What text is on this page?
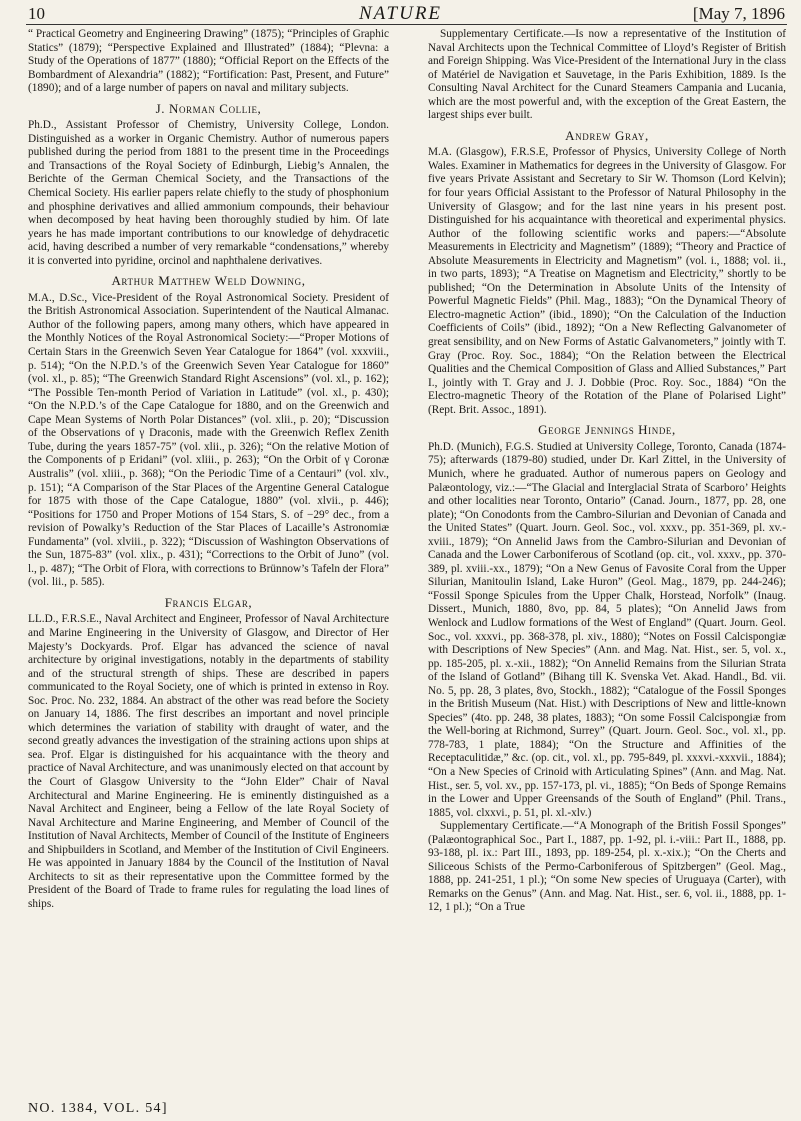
10	NATURE	[May 7, 1896

“ Practical Geometry and Engineering Drawing” (1875); “Principles of Graphic Statics” (1879); “Perspective Explained and Illustrated” (1884); “Plevna: a Study of the Operations of 1877” (1880); “Official Report on the Effects of the Bombardment of Alexandria” (1882); “Fortification: Past, Present, and Future” (1890); and of a large number of papers on naval and military subjects.

J. Norman Collie,

Ph.D., Assistant Professor of Chemistry, University College, London. Distinguished as a worker in Organic Chemistry. Author of numerous papers published during the period from 1881 to the present time in the Proceedings and Transactions of the Royal Society of Edinburgh, Liebig’s Annalen, the Berichte of the German Chemical Society, and the Transactions of the Chemical Society. His earlier papers relate chiefly to the study of phosphonium and phosphine derivatives and allied ammonium compounds, their behaviour when decomposed by heat having been thoroughly studied by him. Of late years he has made important contributions to our knowledge of dehydracetic acid, having described a number of very remarkable “condensations,” whereby it is converted into pyridine, orcinol and naphthalene derivatives.

Arthur Matthew Weld Downing,

M.A., D.Sc., Vice-President of the Royal Astronomical Society. President of the British Astronomical Association. Superintendent of the Nautical Almanac. Author of the following papers, among many others, which have appeared in the Monthly Notices of the Royal Astronomical Society:—“Proper Motions of Certain Stars in the Greenwich Seven Year Catalogue for 1864” (vol. xxxviii., p. 514); “On the N.P.D.’s of the Greenwich Seven Year Catalogue for 1860” (vol. xl., p. 85); “The Greenwich Standard Right Ascensions” (vol. xl., p. 162); “The Possible Ten-month Period of Variation in Latitude” (vol. xl., p. 430); “On the N.P.D.’s of the Cape Catalogue for 1880, and on the Greenwich and Cape Mean Systems of North Polar Distances” (vol. xlii., p. 20); “Discussion of the Observations of γ Draconis, made with the Greenwich Reflex Zenith Tube, during the years 1857-75” (vol. xlii., p. 326); “On the relative Motion of the Components of p Eridani” (vol. xliii., p. 263); “On the Orbit of γ Coronæ Australis” (vol. xliii., p. 368); “On the Periodic Time of a Centauri” (vol. xlv., p. 151); “A Comparison of the Star Places of the Argentine General Catalogue for 1875 with those of the Cape Catalogue, 1880” (vol. xlvii., p. 446); “Positions for 1750 and Proper Motions of 154 Stars, S. of −29° dec., from a revision of Powalky’s Reduction of the Star Places of Lacaille’s Astronomiæ Fundamenta” (vol. xlviii., p. 322); “Discussion of Washington Observations of the Sun, 1875-83” (vol. xlix., p. 431); “Corrections to the Orbit of Juno” (vol. l., p. 487); “The Orbit of Flora, with corrections to Brünnow’s Tafeln der Flora” (vol. lii., p. 585).

Francis Elgar,

LL.D., F.R.S.E., Naval Architect and Engineer, Professor of Naval Architecture and Marine Engineering in the University of Glasgow, and Director of Her Majesty’s Dockyards. Prof. Elgar has advanced the science of naval architecture by original investigations, notably in the departments of stability and of the structural strength of ships. These are described in papers communicated to the Royal Society, one of which is printed in extenso in Roy. Soc. Proc. No. 232, 1884. An abstract of the other was read before the Society on January 14, 1886. The first describes an important and novel principle which determines the variation of stability with draught of water, and the second greatly advances the investigation of the straining actions upon ships at sea. Prof. Elgar is distinguished for his acquaintance with the theory and practice of Naval Architecture, and was unanimously elected on that account by the Court of Glasgow University to the “John Elder” Chair of Naval Architectural and Marine Engineering. He is eminently distinguished as a Naval Architect and Engineer, being a Fellow of the late Royal Society of Naval Architecture and Marine Engineering, and Member of Council of the Institution of Naval Architects, Member of Council of the Institute of Engineers and Shipbuilders in Scotland, and Member of the Institution of Civil Engineers. He was appointed in January 1884 by the Council of the Institution of Naval Architects to sit as their representative upon the Committee formed by the President of the Board of Trade to frame rules for regulating the load lines of ships.

Supplementary Certificate.—Is now a representative of the Institution of Naval Architects upon the Technical Committee of Lloyd’s Register of British and Foreign Shipping. Was Vice-President of the International Jury in the class of Matériel de Navigation et Sauvetage, in the Paris Exhibition, 1889. Is the Consulting Naval Architect for the Cunard Steamers Campania and Lucania, which are the most powerful and, with the exception of the Great Eastern, the largest ships ever built.

Andrew Gray,

M.A. (Glasgow), F.R.S.E, Professor of Physics, University College of North Wales. Examiner in Mathematics for degrees in the University of Glasgow. For five years Private Assistant and Secretary to Sir W. Thomson (Lord Kelvin); for four years Official Assistant to the Professor of Natural Philosophy in the University of Glasgow; and for the last nine years in his present post. Distinguished for his acquaintance with theoretical and experimental physics. Author of the following scientific works and papers:—“Absolute Measurements in Electricity and Magnetism” (1889); “Theory and Practice of Absolute Measurements in Electricity and Magnetism” (vol. i., 1888; vol. ii., in two parts, 1893); “A Treatise on Magnetism and Electricity,” shortly to be published; “On the Determination in Absolute Units of the Intensity of Powerful Magnetic Fields” (Phil. Mag., 1883); “On the Dynamical Theory of Electro-magnetic Action” (ibid., 1890); “On the Calculation of the Induction Coefficients of Coils” (ibid., 1892); “On a New Reflecting Galvanometer of great sensibility, and on New Forms of Astatic Galvanometers,” jointly with T. Gray (Proc. Roy. Soc., 1884); “On the Relation between the Electrical Qualities and the Chemical Composition of Glass and Allied Substances,” Part I., jointly with T. Gray and J. J. Dobbie (Proc. Roy. Soc., 1884) “On the Electro-magnetic Theory of the Rotation of the Plane of Polarised Light” (Rept. Brit. Assoc., 1891).

George Jennings Hinde,

Ph.D. (Munich), F.G.S. Studied at University College, Toronto, Canada (1874-75); afterwards (1879-80) studied, under Dr. Karl Zittel, in the University of Munich, where he graduated. Author of numerous papers on Geology and Palæontology, viz.:—“The Glacial and Interglacial Strata of Scarboro’ Heights and other localities near Toronto, Ontario” (Canad. Journ., 1877, pp. 28, one plate); “On Conodonts from the Cambro-Silurian and Devonian of Canada and the United States” (Quart. Journ. Geol. Soc., vol. xxxv., pp. 351-369, pl. xv.-xviii., 1879); “On Annelid Jaws from the Cambro-Silurian and Devonian of Canada and the Lower Carboniferous of Scotland (op. cit., vol. xxxv., pp. 370-389, pl. xviii.-xx., 1879); “On a New Genus of Favosite Coral from the Upper Silurian, Manitoulin Island, Lake Huron” (Geol. Mag., 1879, pp. 244-246); “Fossil Sponge Spicules from the Upper Chalk, Horstead, Norfolk” (Inaug. Dissert., Munich, 1880, 8vo, pp. 84, 5 plates); “On Annelid Jaws from Wenlock and Ludlow formations of the West of England” (Quart. Journ. Geol. Soc., vol. xxxvi., pp. 368-378, pl. xiv., 1880); “Notes on Fossil Calcispongiæ with Descriptions of New Species” (Ann. and Mag. Nat. Hist., ser. 5, vol. x., pp. 185-205, pl. x.-xii., 1882); “On Annelid Remains from the Silurian Strata of the Island of Gotland” (Bihang till K. Svenska Vet. Akad. Handl., Bd. vii. No. 5, pp. 28, 3 plates, 8vo, Stockh., 1882); “Catalogue of the Fossil Sponges in the British Museum (Nat. Hist.) with Descriptions of New and little-known Species” (4to. pp. 248, 38 plates, 1883); “On some Fossil Calcispongiæ from the Well-boring at Richmond, Surrey” (Quart. Journ. Geol. Soc., vol. xl., pp. 778-783, 1 plate, 1884); “On the Structure and Affinities of the Receptaculitidæ,” &c. (op. cit., vol. xl., pp. 795-849, pl. xxxvi.-xxxvii., 1884); “On a New Species of Crinoid with Articulating Spines” (Ann. and Mag. Nat. Hist., ser. 5, vol. xv., pp. 157-173, pl. vi., 1885); “On Beds of Sponge Remains in the Lower and Upper Greensands of the South of England” (Phil. Trans., 1885, vol. clxxvi., p. 51, pl. xl.-xlv.)

Supplementary Certificate.—“A Monograph of the British Fossil Sponges” (Palæontographical Soc., Part I., 1887, pp. 1-92, pl. i.-viii.: Part II., 1888, pp. 93-188, pl. ix.: Part III., 1893, pp. 189-254, pl. x.-xix.); “On the Cherts and Siliceous Schists of the Permo-Carboniferous of Spitzbergen” (Geol. Mag., 1888, pp. 241-251, 1 pl.); “On some New species of Uruguaya (Carter), with Remarks on the Genus” (Ann. and Mag. Nat. Hist., ser. 6, vol. ii., 1888, pp. 1-12, 1 pl.); “On a True

NO. 1384, VOL. 54]
